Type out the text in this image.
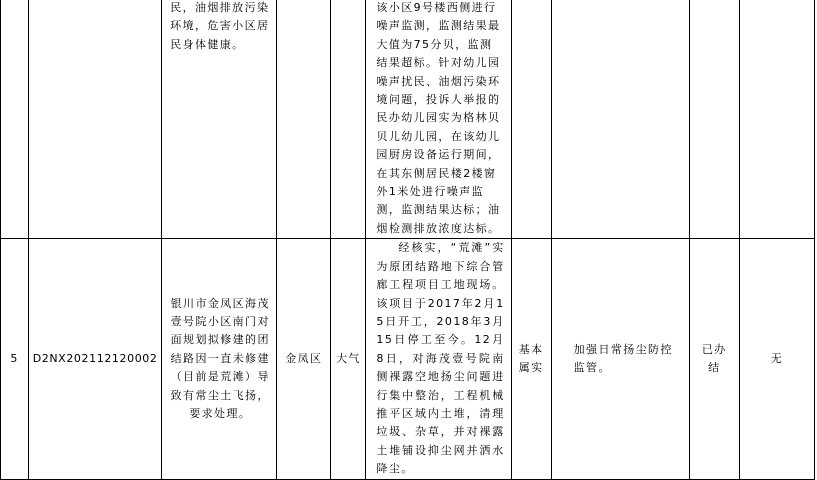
		民，油烟排放污染环境，危害小区居民身体健康。			该小区9号楼西侧进行噪声监测，监测结果最大值为75分贝，监测结果超标。针对幼儿园噪声扰民、油烟污染环境问题，投诉人举报的民办幼儿园实为格林贝贝儿幼儿园，在该幼儿园厨房设备运行期间，在其东侧居民楼2楼窗外1米处进行噪声监测，监测结果达标；油烟检测排放浓度达标。				
5	D2NX202112120002	银川市金凤区海茂壹号院小区南门对面规划拟修建的团结路因一直未修建（目前是荒滩）导致有常尘土飞扬，要求处理。	金凤区	大气	经核实，“荒滩”实为原团结路地下综合管廊工程项目工地现场。该项目于2017年2月15日开工，2018年3月15日停工至今。12月8日，对海茂壹号院南侧裸露空地扬尘问题进行集中整治，工程机械推平区域内土堆，清理垃圾、杂草，并对裸露土堆铺设抑尘网并洒水降尘。	基本属实	加强日常扬尘防控监管。	已办结	无
